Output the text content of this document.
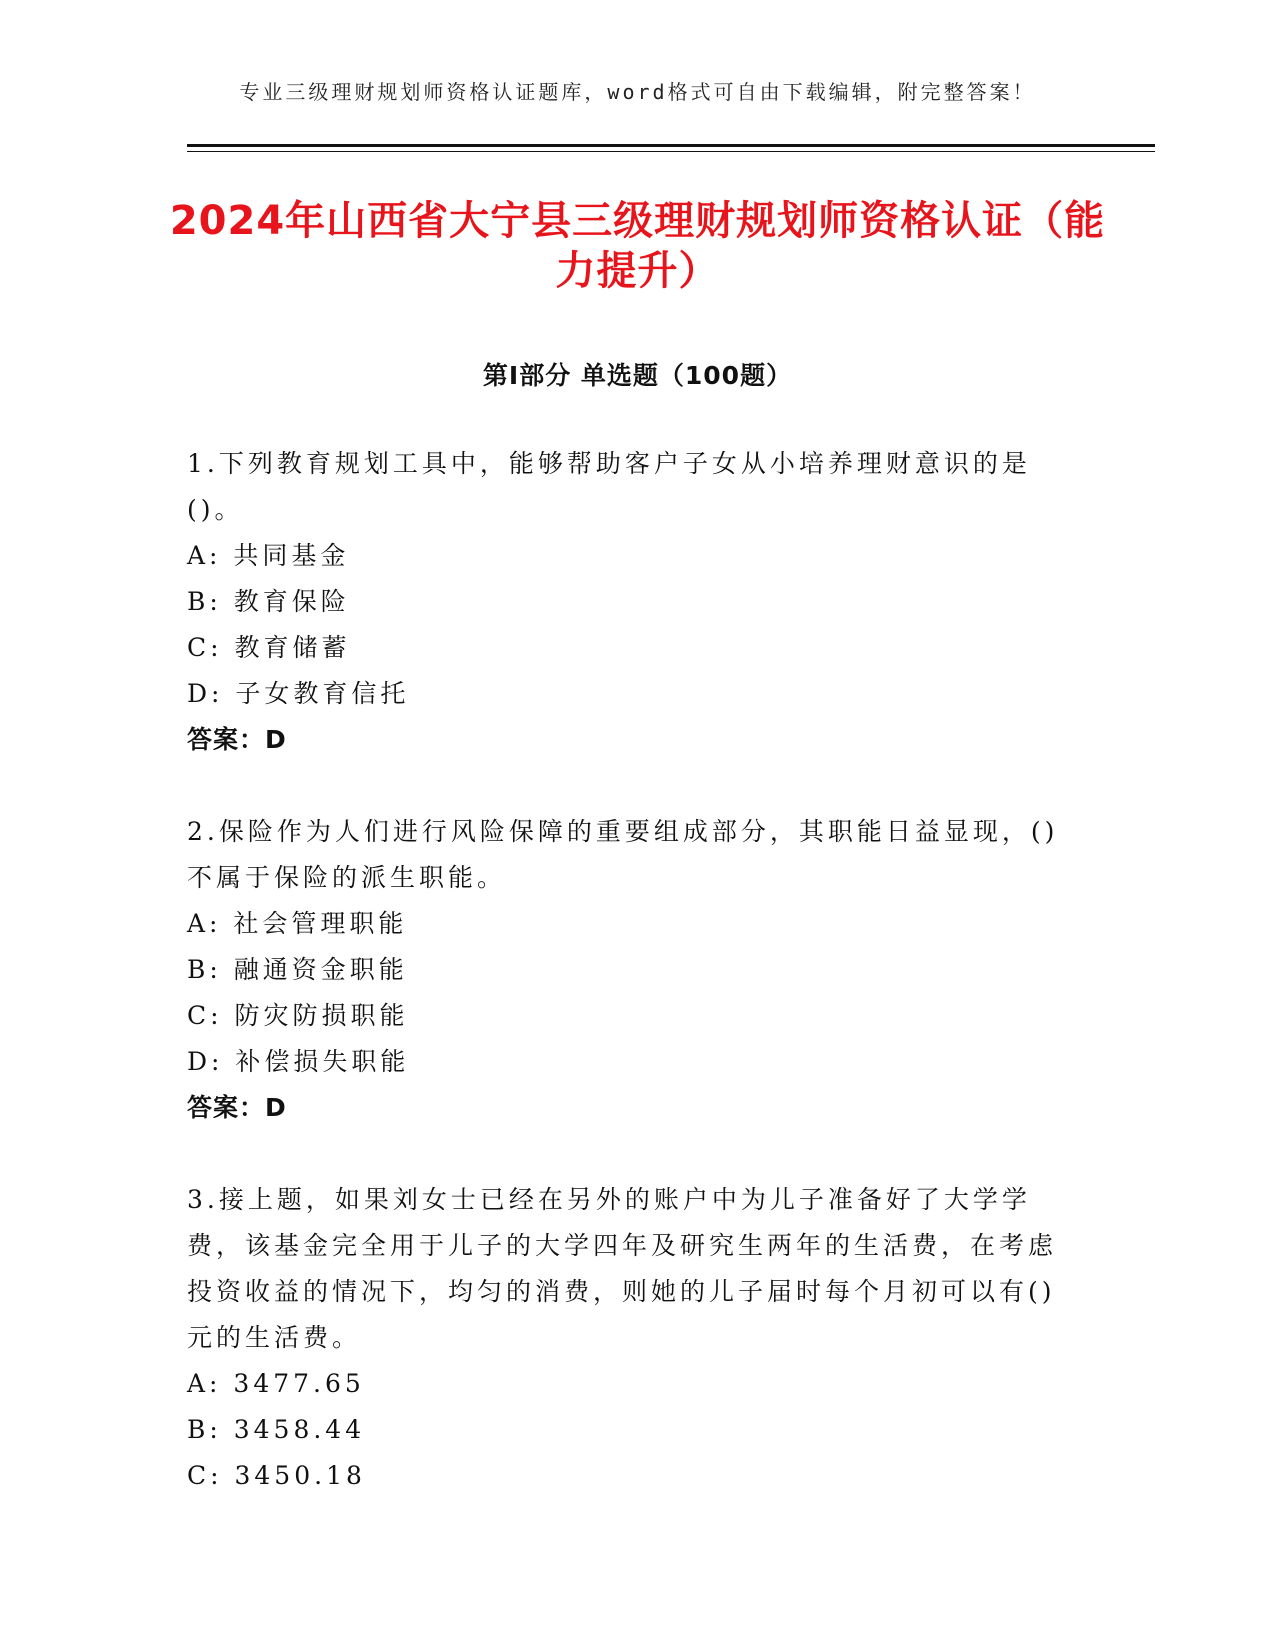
专业三级理财规划师资格认证题库，word格式可自由下载编辑，附完整答案！
2024年山西省大宁县三级理财规划师资格认证（能力提升）
第I部分 单选题（100题）
1.下列教育规划工具中，能够帮助客户子女从小培养理财意识的是()。
A: 共同基金
B: 教育保险
C: 教育储蓄
D: 子女教育信托
答案：D
2.保险作为人们进行风险保障的重要组成部分，其职能日益显现，()不属于保险的派生职能。
A: 社会管理职能
B: 融通资金职能
C: 防灾防损职能
D: 补偿损失职能
答案：D
3.接上题，如果刘女士已经在另外的账户中为儿子准备好了大学学费，该基金完全用于儿子的大学四年及研究生两年的生活费，在考虑投资收益的情况下，均匀的消费，则她的儿子届时每个月初可以有()元的生活费。
A: 3477.65
B: 3458.44
C: 3450.18
